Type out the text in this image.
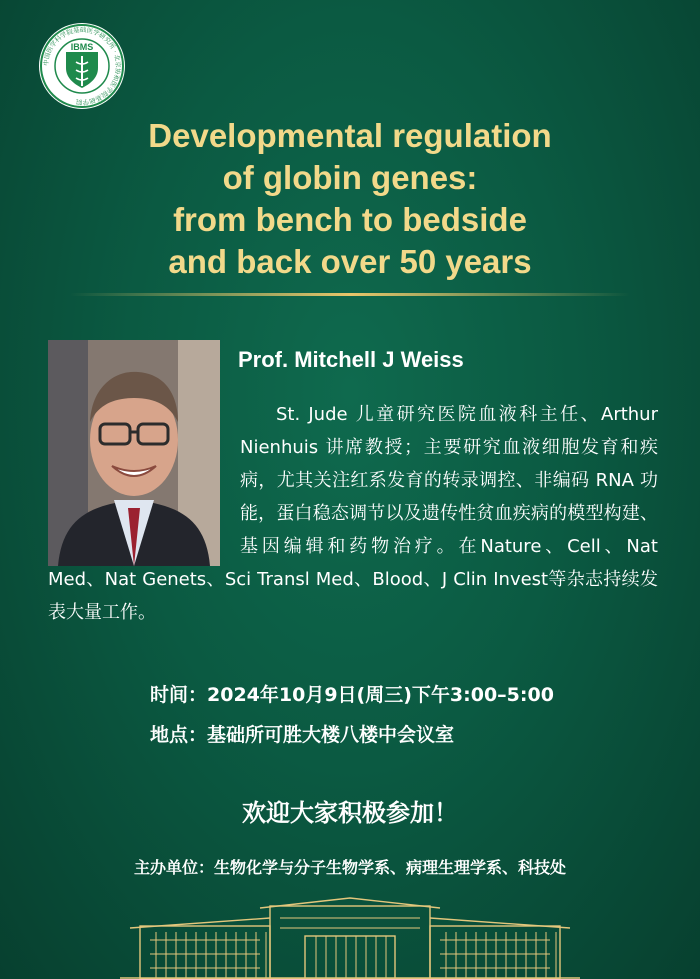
中国医学科学院基础医学研究所 · 北京协和医学院基础学院
IBMS
Developmental regulation
of globin genes:
from bench to bedside
and back over 50 years
Prof. Mitchell J Weiss

St. Jude 儿童研究医院血液科主任、Arthur Nienhuis 讲席教授；主要研究血液细胞发育和疾病，尤其关注红系发育的转录调控、非编码 RNA 功能，蛋白稳态调节以及遗传性贫血疾病的模型构建、基因编辑和药物治疗。在Nature、Cell、Nat Med、Nat Genets、Sci Transl Med、Blood、J Clin Invest等杂志持续发表大量工作。

时间：2024年10月9日(周三)下午3:00–5:00
地点：基础所可胜大楼八楼中会议室
欢迎大家积极参加！
主办单位：生物化学与分子生物学系、病理生理学系、科技处
